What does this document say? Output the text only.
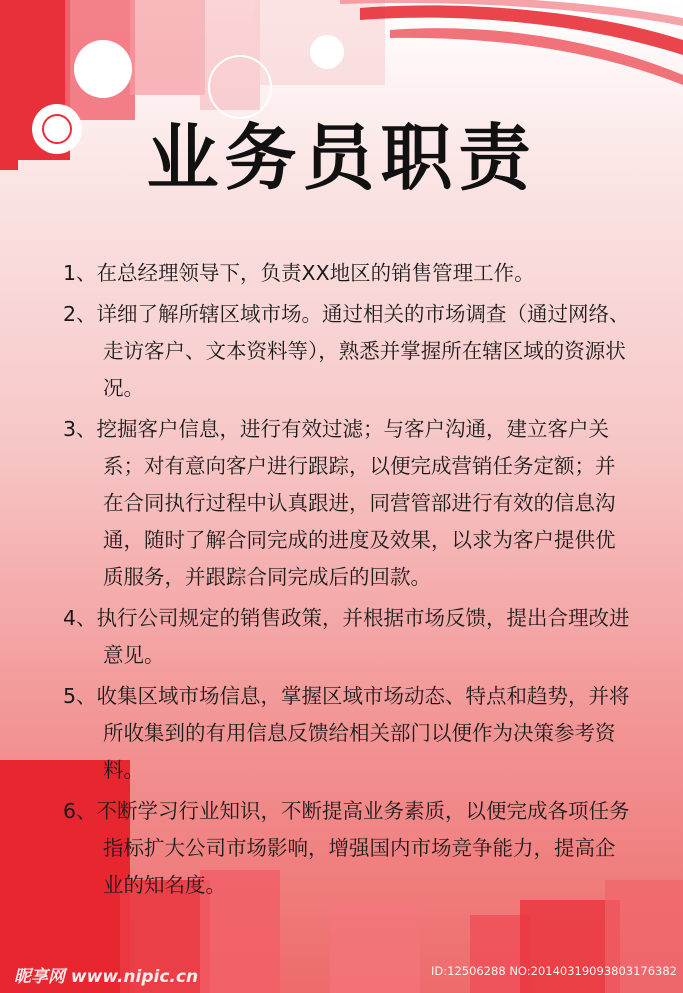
业务员职责

1、在总经理领导下，负责XX地区的销售管理工作。

2、详细了解所辖区域市场。通过相关的市场调查（通过网络、走访客户、文本资料等），熟悉并掌握所在辖区域的资源状况。

3、挖掘客户信息，进行有效过滤；与客户沟通，建立客户关系；对有意向客户进行跟踪，以便完成营销任务定额；并在合同执行过程中认真跟进，同营管部进行有效的信息沟通，随时了解合同完成的进度及效果，以求为客户提供优质服务，并跟踪合同完成后的回款。

4、执行公司规定的销售政策，并根据市场反馈，提出合理改进意见。

5、收集区域市场信息，掌握区域市场动态、特点和趋势，并将所收集到的有用信息反馈给相关部门以便作为决策参考资料。

6、不断学习行业知识，不断提高业务素质，以便完成各项任务指标扩大公司市场影响，增强国内市场竞争能力，提高企业的知名度。

昵享网 www.nipic.cn	ID:12506288 NO:20140319093803176382
